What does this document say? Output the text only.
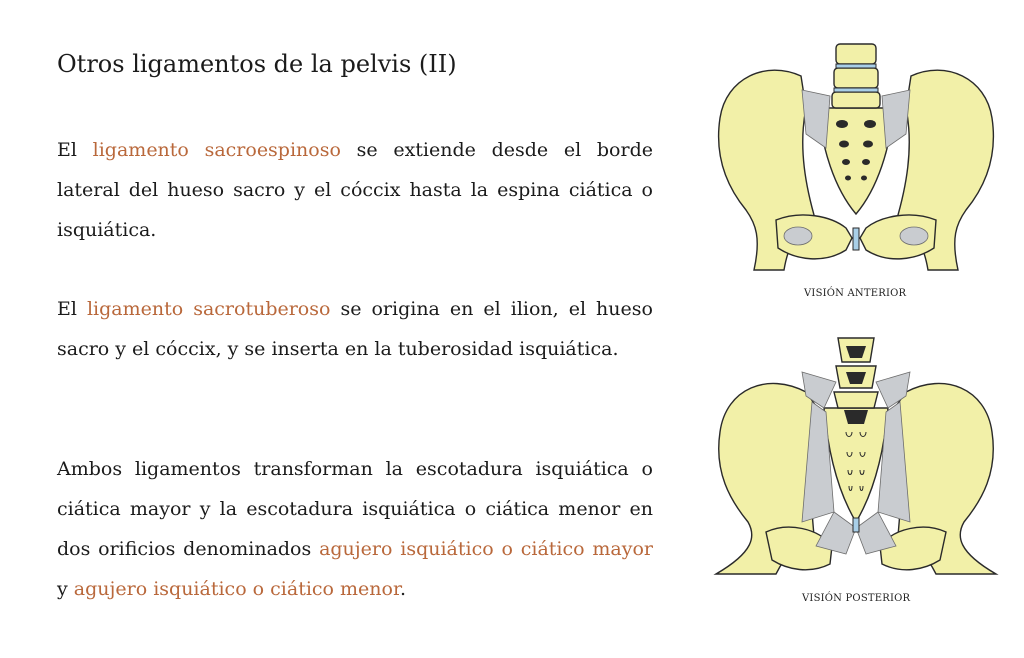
Otros ligamentos de la pelvis (II)

El ligamento sacroespinoso se extiende desde el borde lateral del hueso sacro y el cóccix hasta la espina ciática o isquiática.

El ligamento sacrotuberoso se origina en el ilion, el hueso sacro y el cóccix, y se inserta en la tuberosidad isquiática.

Ambos ligamentos transforman la escotadura isquiática o ciática mayor y la escotadura isquiática o ciática menor en dos orificios denominados agujero isquiático o ciático mayor y agujero isquiático o ciático menor.

VISIÓN ANTERIOR
VISIÓN POSTERIOR
